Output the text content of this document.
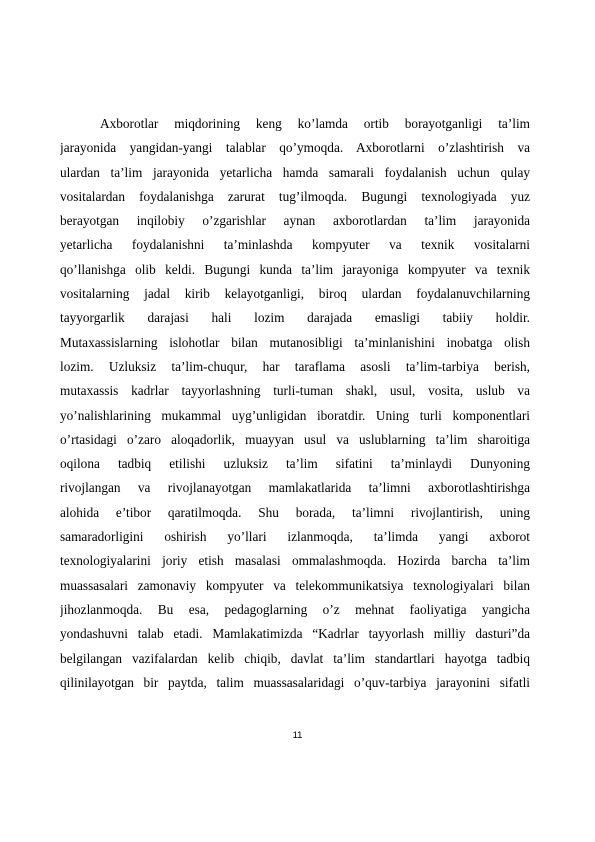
Axborotlar miqdorining keng ko’lamda ortib borayotganligi ta’lim
jarayonida yangidan-yangi talablar qo’ymoqda. Axborotlarni o’zlashtirish va
ulardan ta’lim jarayonida yetarlicha hamda samarali foydalanish uchun qulay
vositalardan foydalanishga zarurat tug’ilmoqda. Bugungi texnologiyada yuz
berayotgan inqilobiy o’zgarishlar aynan axborotlardan ta’lim jarayonida
yetarlicha foydalanishni ta’minlashda kompyuter va texnik vositalarni
qo’llanishga olib keldi. Bugungi kunda ta’lim jarayoniga kompyuter va texnik
vositalarning jadal kirib kelayotganligi, biroq ulardan foydalanuvchilarning
tayyorgarlik darajasi hali lozim darajada emasligi tabiiy holdir.
Mutaxassislarning islohotlar bilan mutanosibligi ta’minlanishini inobatga olish
lozim. Uzluksiz ta’lim-chuqur, har taraflama asosli ta’lim-tarbiya berish,
mutaxassis kadrlar tayyorlashning turli-tuman shakl, usul, vosita, uslub va
yo’nalishlarining mukammal uyg’unligidan iboratdir. Uning turli komponentlari
o’rtasidagi o’zaro aloqadorlik, muayyan usul va uslublarning ta’lim sharoitiga
oqilona tadbiq etilishi uzluksiz ta’lim sifatini ta’minlaydi Dunyoning
rivojlangan va rivojlanayotgan mamlakatlarida ta’limni axborotlashtirishga
alohida e’tibor qaratilmoqda. Shu borada, ta’limni rivojlantirish, uning
samaradorligini oshirish yo’llari izlanmoqda, ta’limda yangi axborot
texnologiyalarini joriy etish masalasi ommalashmoqda. Hozirda barcha ta’lim
muassasalari zamonaviy kompyuter va telekommunikatsiya texnologiyalari bilan
jihozlanmoqda. Bu esa, pedagoglarning o’z mehnat faoliyatiga yangicha
yondashuvni talab etadi. Mamlakatimizda “Kadrlar tayyorlash milliy dasturi”da
belgilangan vazifalardan kelib chiqib, davlat ta’lim standartlari hayotga tadbiq
qilinilayotgan bir paytda, talim muassasalaridagi o’quv-tarbiya jarayonini sifatli
11
